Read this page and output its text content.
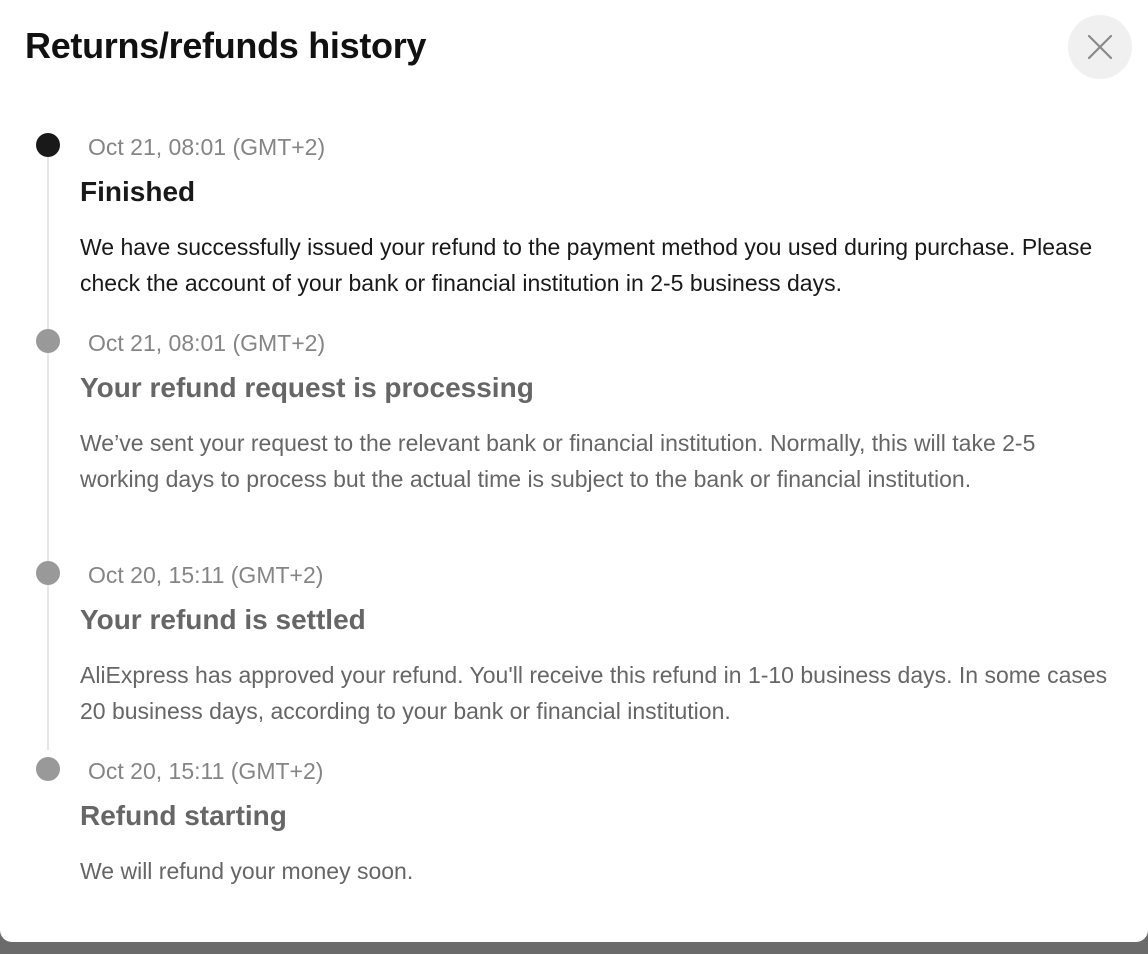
Returns/refunds history
Oct 21, 08:01 (GMT+2)
Finished
We have successfully issued your refund to the payment method you used during purchase. Please check the account of your bank or financial institution in 2-5 business days.
Oct 21, 08:01 (GMT+2)
Your refund request is processing
We’ve sent your request to the relevant bank or financial institution. Normally, this will take 2-5 working days to process but the actual time is subject to the bank or financial institution.
Oct 20, 15:11 (GMT+2)
Your refund is settled
AliExpress has approved your refund. You'll receive this refund in 1-10 business days. In some cases 20 business days, according to your bank or financial institution.
Oct 20, 15:11 (GMT+2)
Refund starting
We will refund your money soon.
